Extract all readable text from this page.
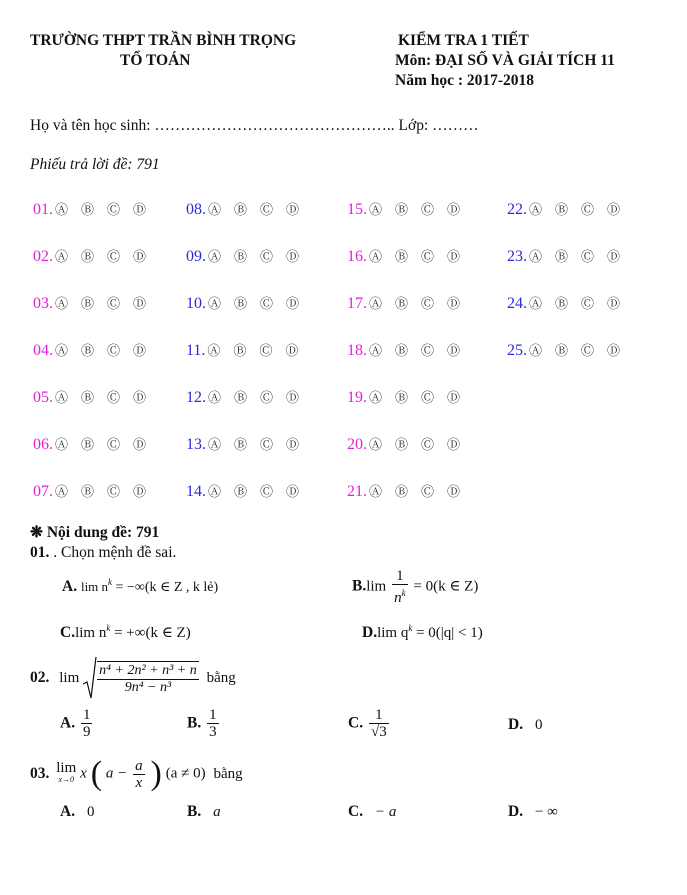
TRƯỜNG THPT TRẦN BÌNH TRỌNG
TỔ TOÁN
KIỂM TRA 1 TIẾT
Môn: ĐẠI SỐ VÀ GIẢI TÍCH 11
Năm học : 2017-2018
Họ và tên học sinh: ……………………………………….. Lớp: ………
Phiếu trả lời đề: 791
01. Ⓐ Ⓑ Ⓒ Ⓓ
02. Ⓐ Ⓑ Ⓒ Ⓓ
03. Ⓐ Ⓑ Ⓒ Ⓓ
04. Ⓐ Ⓑ Ⓒ Ⓓ
05. Ⓐ Ⓑ Ⓒ Ⓓ
06. Ⓐ Ⓑ Ⓒ Ⓓ
07. Ⓐ Ⓑ Ⓒ Ⓓ
08. Ⓐ Ⓑ Ⓒ Ⓓ
09. Ⓐ Ⓑ Ⓒ Ⓓ
10. Ⓐ Ⓑ Ⓒ Ⓓ
11. Ⓐ Ⓑ Ⓒ Ⓓ
12. Ⓐ Ⓑ Ⓒ Ⓓ
13. Ⓐ Ⓑ Ⓒ Ⓓ
14. Ⓐ Ⓑ Ⓒ Ⓓ
15. Ⓐ Ⓑ Ⓒ Ⓓ
16. Ⓐ Ⓑ Ⓒ Ⓓ
17. Ⓐ Ⓑ Ⓒ Ⓓ
18. Ⓐ Ⓑ Ⓒ Ⓓ
19. Ⓐ Ⓑ Ⓒ Ⓓ
20. Ⓐ Ⓑ Ⓒ Ⓓ
21. Ⓐ Ⓑ Ⓒ Ⓓ
22. Ⓐ Ⓑ Ⓒ Ⓓ
23. Ⓐ Ⓑ Ⓒ Ⓓ
24. Ⓐ Ⓑ Ⓒ Ⓓ
25. Ⓐ Ⓑ Ⓒ Ⓓ
❋ Nội dung đề: 791
01. . Chọn mệnh đề sai.
A. $\lim n^k = -\infty(k$ ∈ Z , k lẻ)	$B.\lim \frac{1}{n^k} = 0(k$ ∈ Z)
C.lim $n^k = +\infty(k$ ∈ Z)	D.lim $q^k = 0(|q| < 1)$
02. $\lim \frac{\text{n⁴ + 2n² + n³ + n}}{\text{9n⁴ − n³}}$ bằng
A. $\frac{1}{9}$	B. $\frac{1}{3}$	C. $\frac{1}{√3}$	D. 0
03. lim
x→0 x ( $a - \frac{a}{x}$ ) (a ≠ 0) bằng
A. 0	B. a	C. − a	D. − ∞
